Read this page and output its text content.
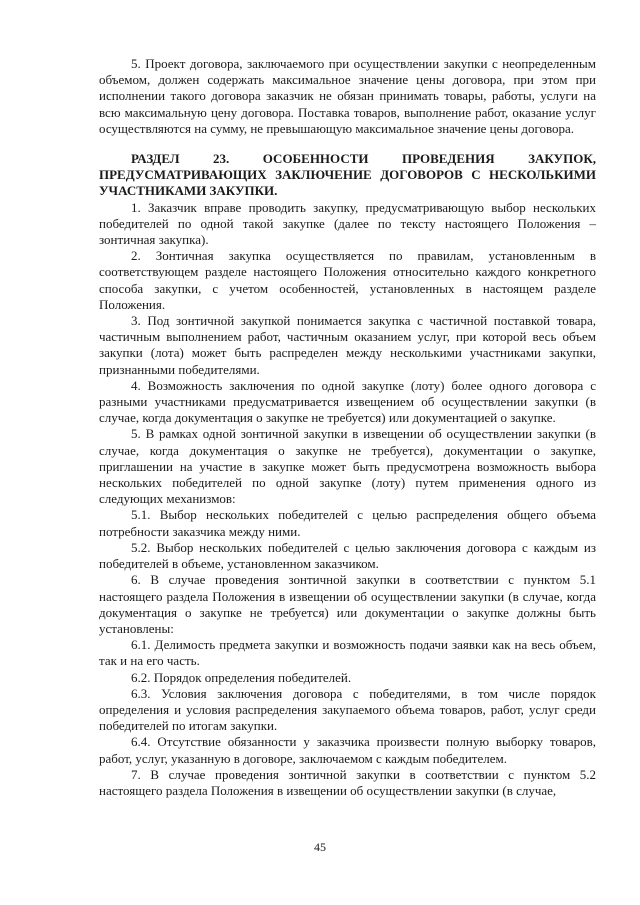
5. Проект договора, заключаемого при осуществлении закупки с неопределенным объемом, должен содержать максимальное значение цены договора, при этом при исполнении такого договора заказчик не обязан принимать товары, работы, услуги на всю максимальную цену договора. Поставка товаров, выполнение работ, оказание услуг осуществляются на сумму, не превышающую максимальное значение цены договора.

РАЗДЕЛ 23. ОСОБЕННОСТИ ПРОВЕДЕНИЯ ЗАКУПОК, ПРЕДУСМАТРИВАЮЩИХ ЗАКЛЮЧЕНИЕ ДОГОВОРОВ С НЕСКОЛЬКИМИ УЧАСТНИКАМИ ЗАКУПКИ.

1. Заказчик вправе проводить закупку, предусматривающую выбор нескольких победителей по одной такой закупке (далее по тексту настоящего Положения – зонтичная закупка).

2. Зонтичная закупка осуществляется по правилам, установленным в соответствующем разделе настоящего Положения относительно каждого конкретного способа закупки, с учетом особенностей, установленных в настоящем разделе Положения.

3. Под зонтичной закупкой понимается закупка с частичной поставкой товара, частичным выполнением работ, частичным оказанием услуг, при которой весь объем закупки (лота) может быть распределен между несколькими участниками закупки, признанными победителями.

4. Возможность заключения по одной закупке (лоту) более одного договора с разными участниками предусматривается извещением об осуществлении закупки (в случае, когда документация о закупке не требуется) или документацией о закупке.

5. В рамках одной зонтичной закупки в извещении об осуществлении закупки (в случае, когда документация о закупке не требуется), документации о закупке, приглашении на участие в закупке может быть предусмотрена возможность выбора нескольких победителей по одной закупке (лоту) путем применения одного из следующих механизмов:

5.1. Выбор нескольких победителей с целью распределения общего объема потребности заказчика между ними.

5.2. Выбор нескольких победителей с целью заключения договора с каждым из победителей в объеме, установленном заказчиком.

6. В случае проведения зонтичной закупки в соответствии с пунктом 5.1 настоящего раздела Положения в извещении об осуществлении закупки (в случае, когда документация о закупке не требуется) или документации о закупке должны быть установлены:

6.1. Делимость предмета закупки и возможность подачи заявки как на весь объем, так и на его часть.

6.2. Порядок определения победителей.

6.3. Условия заключения договора с победителями, в том числе порядок определения и условия распределения закупаемого объема товаров, работ, услуг среди победителей по итогам закупки.

6.4. Отсутствие обязанности у заказчика произвести полную выборку товаров, работ, услуг, указанную в договоре, заключаемом с каждым победителем.

7. В случае проведения зонтичной закупки в соответствии с пунктом 5.2 настоящего раздела Положения в извещении об осуществлении закупки (в случае,

45
